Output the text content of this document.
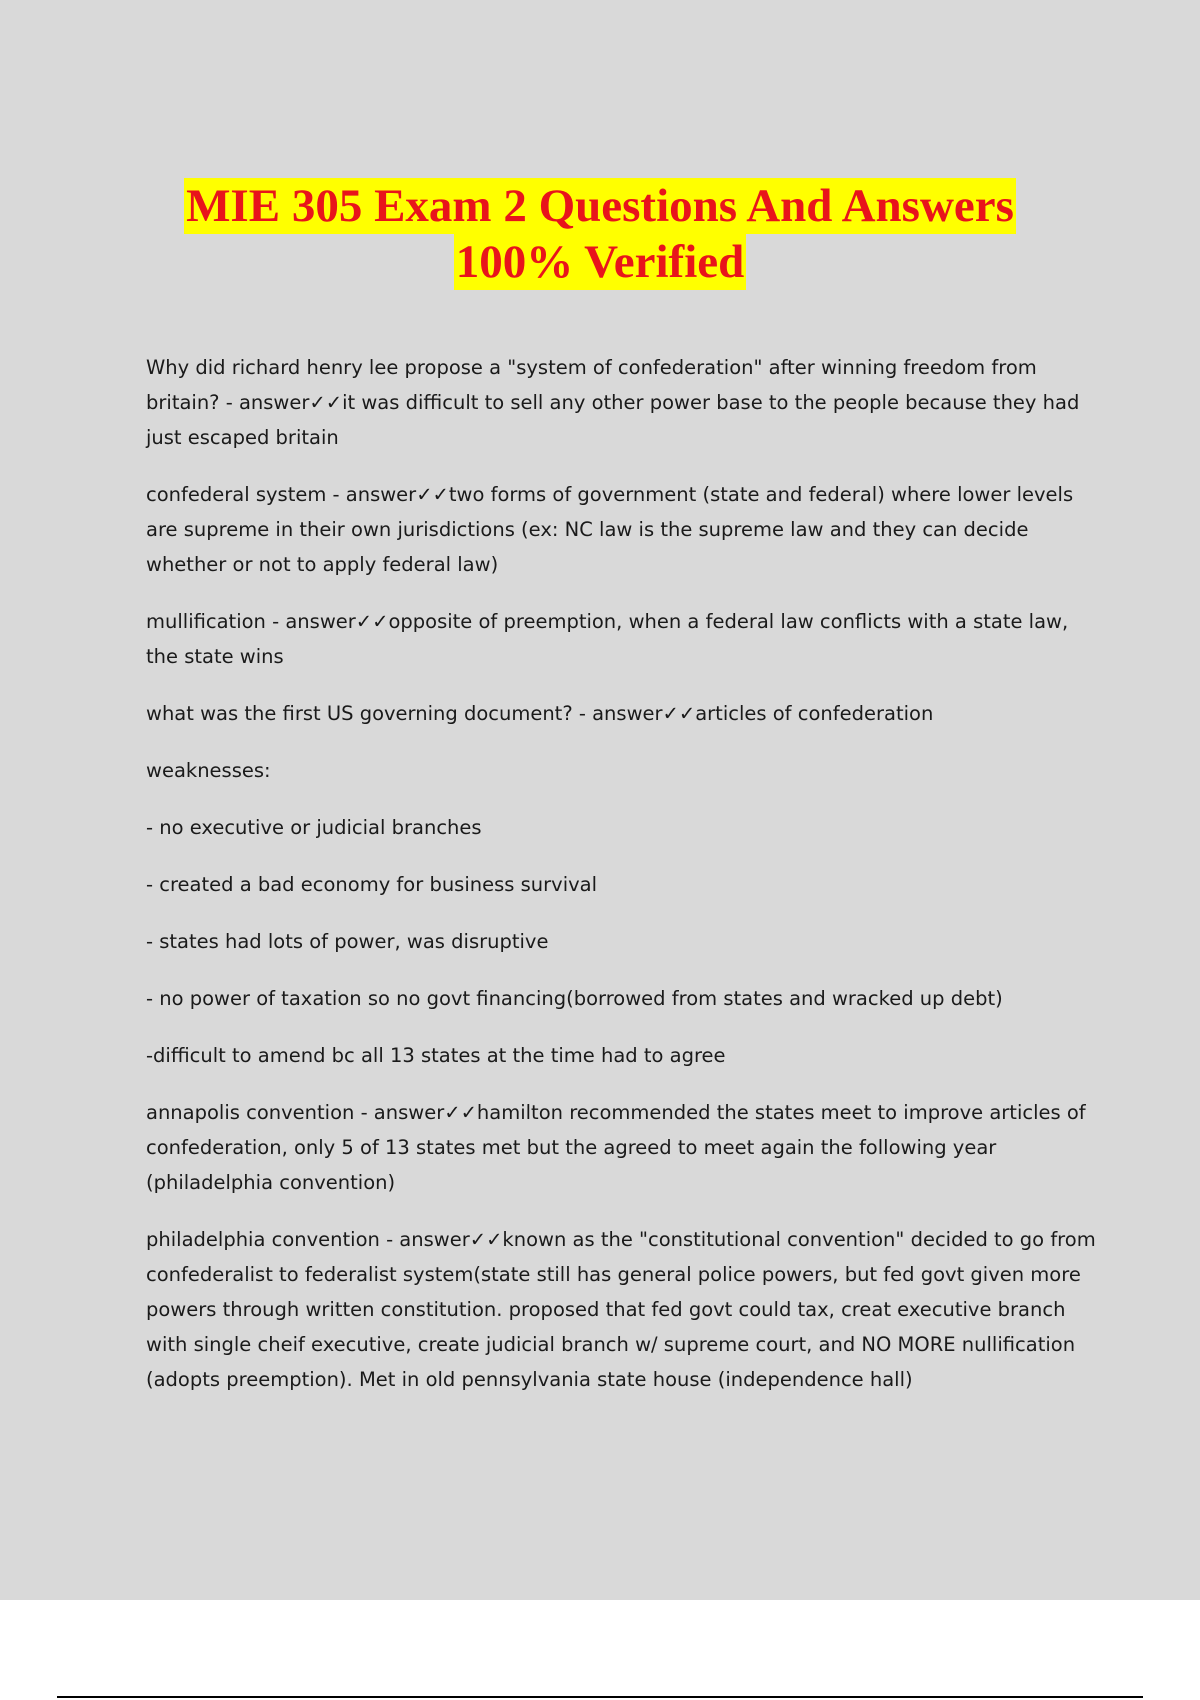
MIE 305 Exam 2 Questions And Answers
100% Verified

Why did richard henry lee propose a "system of confederation" after winning freedom from britain? - answer✓✓it was difficult to sell any other power base to the people because they had just escaped britain

confederal system - answer✓✓two forms of government (state and federal) where lower levels are supreme in their own jurisdictions (ex: NC law is the supreme law and they can decide whether or not to apply federal law)

mullification - answer✓✓opposite of preemption, when a federal law conflicts with a state law, the state wins

what was the first US governing document? - answer✓✓articles of confederation

weaknesses:

- no executive or judicial branches

- created a bad economy for business survival

- states had lots of power, was disruptive

- no power of taxation so no govt financing(borrowed from states and wracked up debt)

-difficult to amend bc all 13 states at the time had to agree

annapolis convention - answer✓✓hamilton recommended the states meet to improve articles of confederation, only 5 of 13 states met but the agreed to meet again the following year (philadelphia convention)

philadelphia convention - answer✓✓known as the "constitutional convention" decided to go from confederalist to federalist system(state still has general police powers, but fed govt given more powers through written constitution. proposed that fed govt could tax, creat executive branch with single cheif executive, create judicial branch w/ supreme court, and NO MORE nullification (adopts preemption). Met in old pennsylvania state house (independence hall)
